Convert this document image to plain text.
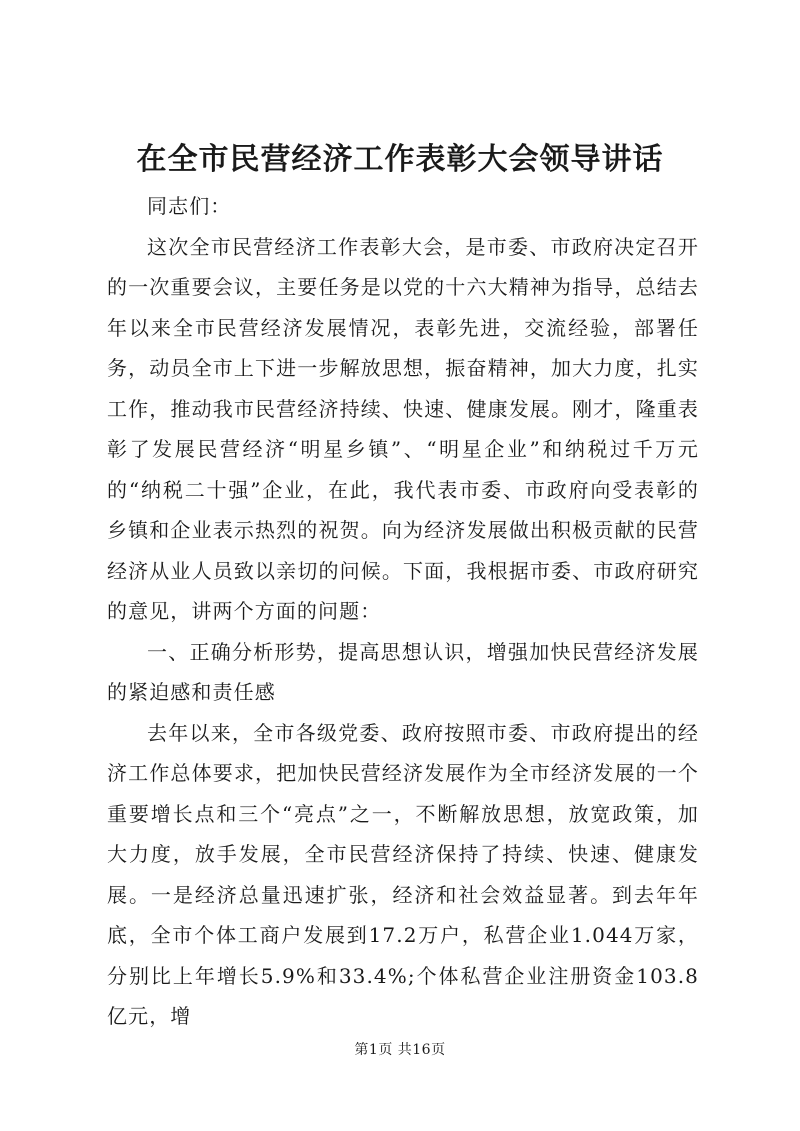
在全市民营经济工作表彰大会领导讲话

同志们：

这次全市民营经济工作表彰大会，是市委、市政府决定召开的一次重要会议，主要任务是以党的十六大精神为指导，总结去年以来全市民营经济发展情况，表彰先进，交流经验，部署任务，动员全市上下进一步解放思想，振奋精神，加大力度，扎实工作，推动我市民营经济持续、快速、健康发展。刚才，隆重表彰了发展民营经济“明星乡镇”、“明星企业”和纳税过千万元的“纳税二十强”企业，在此，我代表市委、市政府向受表彰的乡镇和企业表示热烈的祝贺。向为经济发展做出积极贡献的民营经济从业人员致以亲切的问候。下面，我根据市委、市政府研究的意见，讲两个方面的问题：

一、正确分析形势，提高思想认识，增强加快民营经济发展的紧迫感和责任感

去年以来，全市各级党委、政府按照市委、市政府提出的经济工作总体要求，把加快民营经济发展作为全市经济发展的一个重要增长点和三个“亮点”之一，不断解放思想，放宽政策，加大力度，放手发展，全市民营经济保持了持续、快速、健康发展。一是经济总量迅速扩张，经济和社会效益显著。到去年年底，全市个体工商户发展到17.2万户，私营企业1.044万家，分别比上年增长5.9%和33.4%;个体私营企业注册资金103.8亿元，增

第1页 共16页
